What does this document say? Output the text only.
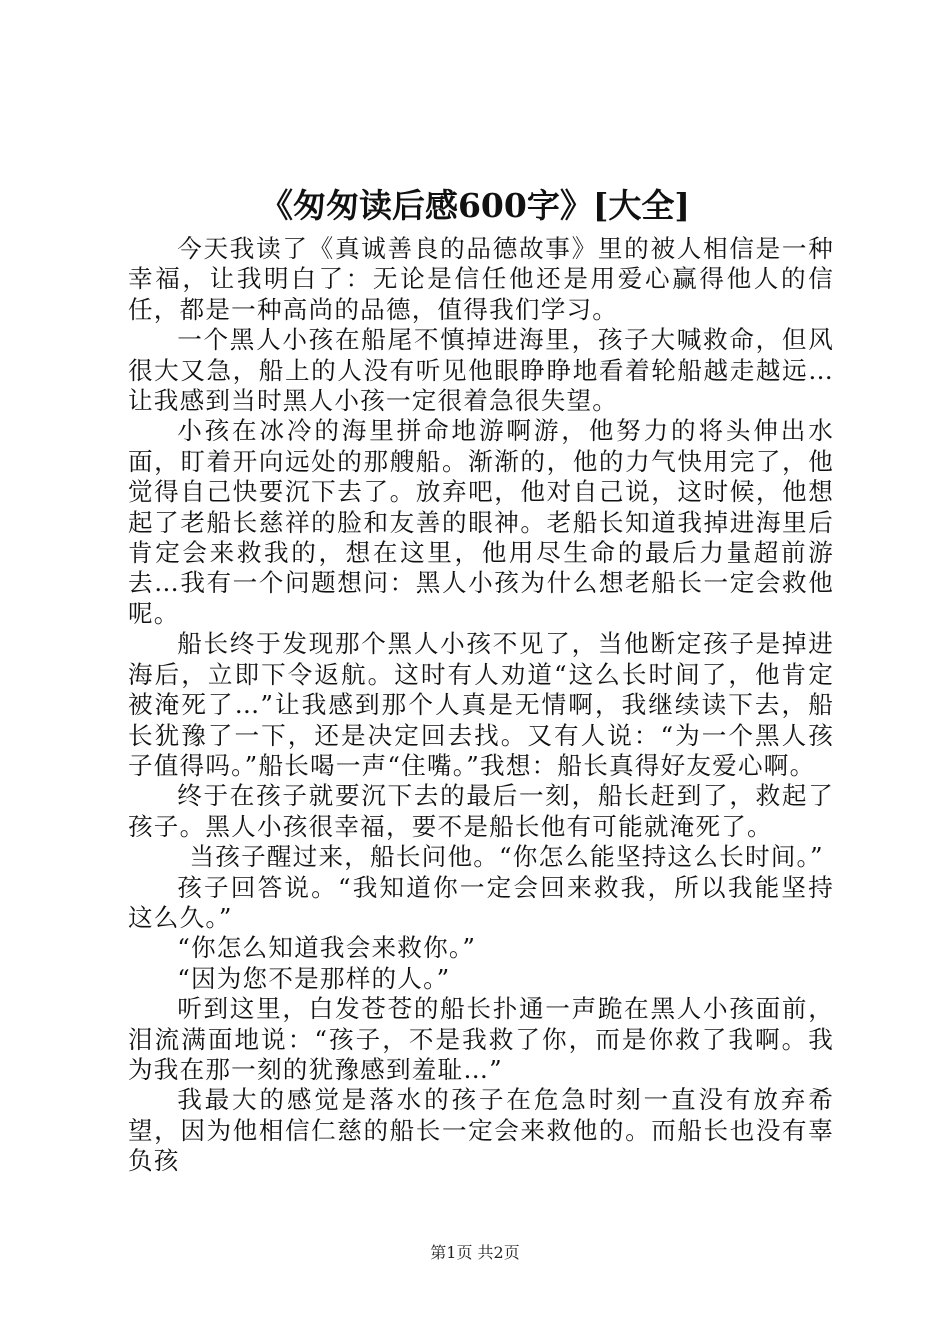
《匆匆读后感600字》[大全]

今天我读了《真诚善良的品德故事》里的被人相信是一种幸福，让我明白了：无论是信任他还是用爱心赢得他人的信任，都是一种高尚的品德，值得我们学习。

一个黑人小孩在船尾不慎掉进海里，孩子大喊救命，但风很大又急，船上的人没有听见他眼睁睁地看着轮船越走越远…让我感到当时黑人小孩一定很着急很失望。

小孩在冰冷的海里拼命地游啊游，他努力的将头伸出水面，盯着开向远处的那艘船。渐渐的，他的力气快用完了，他觉得自己快要沉下去了。放弃吧，他对自己说，这时候，他想起了老船长慈祥的脸和友善的眼神。老船长知道我掉进海里后肯定会来救我的，想在这里，他用尽生命的最后力量超前游去…我有一个问题想问：黑人小孩为什么想老船长一定会救他呢。

船长终于发现那个黑人小孩不见了，当他断定孩子是掉进海后，立即下令返航。这时有人劝道“这么长时间了，他肯定被淹死了…”让我感到那个人真是无情啊，我继续读下去，船长犹豫了一下，还是决定回去找。又有人说：“为一个黑人孩子值得吗。”船长喝一声“住嘴。”我想：船长真得好友爱心啊。

终于在孩子就要沉下去的最后一刻，船长赶到了，救起了孩子。黑人小孩很幸福，要不是船长他有可能就淹死了。

当孩子醒过来，船长问他。“你怎么能坚持这么长时间。”

孩子回答说。“我知道你一定会回来救我，所以我能坚持这么久。”

“你怎么知道我会来救你。”

“因为您不是那样的人。”

听到这里，白发苍苍的船长扑通一声跪在黑人小孩面前，泪流满面地说：“孩子，不是我救了你，而是你救了我啊。我为我在那一刻的犹豫感到羞耻…”

我最大的感觉是落水的孩子在危急时刻一直没有放弃希望，因为他相信仁慈的船长一定会来救他的。而船长也没有辜负孩

第1页 共2页
